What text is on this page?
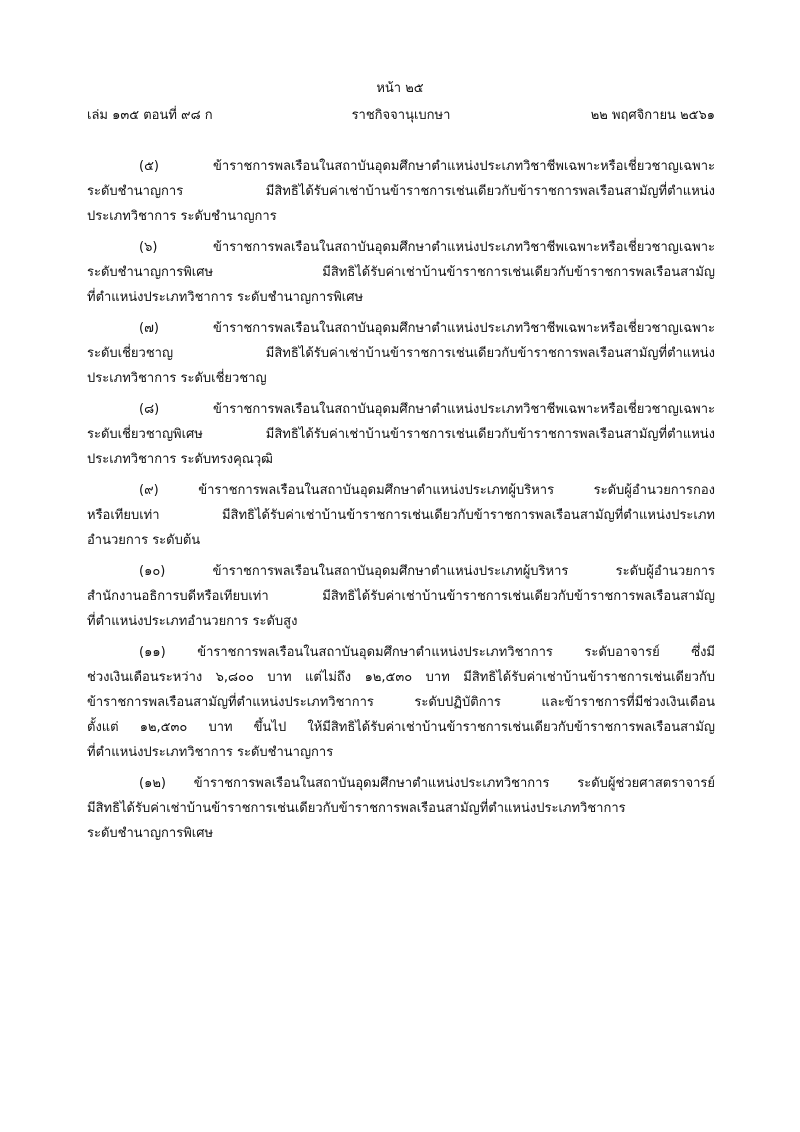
หน้า ๒๕
เล่ม ๑๓๕ ตอนที่ ๙๘ ก	ราชกิจจานุเบกษา	๒๒ พฤศจิกายน ๒๕๖๑

(๕) ข้าราชการพลเรือนในสถาบันอุดมศึกษาตำแหน่งประเภทวิชาชีพเฉพาะหรือเชี่ยวชาญเฉพาะ
ระดับชำนาญการ มีสิทธิได้รับค่าเช่าบ้านข้าราชการเช่นเดียวกับข้าราชการพลเรือนสามัญที่ตำแหน่ง
ประเภทวิชาการ ระดับชำนาญการ

(๖) ข้าราชการพลเรือนในสถาบันอุดมศึกษาตำแหน่งประเภทวิชาชีพเฉพาะหรือเชี่ยวชาญเฉพาะ
ระดับชำนาญการพิเศษ มีสิทธิได้รับค่าเช่าบ้านข้าราชการเช่นเดียวกับข้าราชการพลเรือนสามัญ
ที่ตำแหน่งประเภทวิชาการ ระดับชำนาญการพิเศษ

(๗) ข้าราชการพลเรือนในสถาบันอุดมศึกษาตำแหน่งประเภทวิชาชีพเฉพาะหรือเชี่ยวชาญเฉพาะ
ระดับเชี่ยวชาญ มีสิทธิได้รับค่าเช่าบ้านข้าราชการเช่นเดียวกับข้าราชการพลเรือนสามัญที่ตำแหน่ง
ประเภทวิชาการ ระดับเชี่ยวชาญ

(๘) ข้าราชการพลเรือนในสถาบันอุดมศึกษาตำแหน่งประเภทวิชาชีพเฉพาะหรือเชี่ยวชาญเฉพาะ
ระดับเชี่ยวชาญพิเศษ มีสิทธิได้รับค่าเช่าบ้านข้าราชการเช่นเดียวกับข้าราชการพลเรือนสามัญที่ตำแหน่ง
ประเภทวิชาการ ระดับทรงคุณวุฒิ

(๙) ข้าราชการพลเรือนในสถาบันอุดมศึกษาตำแหน่งประเภทผู้บริหาร ระดับผู้อำนวยการกอง
หรือเทียบเท่า มีสิทธิได้รับค่าเช่าบ้านข้าราชการเช่นเดียวกับข้าราชการพลเรือนสามัญที่ตำแหน่งประเภท
อำนวยการ ระดับต้น

(๑๐) ข้าราชการพลเรือนในสถาบันอุดมศึกษาตำแหน่งประเภทผู้บริหาร ระดับผู้อำนวยการ
สำนักงานอธิการบดีหรือเทียบเท่า มีสิทธิได้รับค่าเช่าบ้านข้าราชการเช่นเดียวกับข้าราชการพลเรือนสามัญ
ที่ตำแหน่งประเภทอำนวยการ ระดับสูง

(๑๑) ข้าราชการพลเรือนในสถาบันอุดมศึกษาตำแหน่งประเภทวิชาการ ระดับอาจารย์ ซึ่งมี
ช่วงเงินเดือนระหว่าง ๖,๘๐๐ บาท แต่ไม่ถึง ๑๒,๕๓๐ บาท มีสิทธิได้รับค่าเช่าบ้านข้าราชการเช่นเดียวกับ
ข้าราชการพลเรือนสามัญที่ตำแหน่งประเภทวิชาการ ระดับปฏิบัติการ และข้าราชการที่มีช่วงเงินเดือน
ตั้งแต่ ๑๒,๕๓๐ บาท ขึ้นไป ให้มีสิทธิได้รับค่าเช่าบ้านข้าราชการเช่นเดียวกับข้าราชการพลเรือนสามัญ
ที่ตำแหน่งประเภทวิชาการ ระดับชำนาญการ

(๑๒) ข้าราชการพลเรือนในสถาบันอุดมศึกษาตำแหน่งประเภทวิชาการ ระดับผู้ช่วยศาสตราจารย์
มีสิทธิได้รับค่าเช่าบ้านข้าราชการเช่นเดียวกับข้าราชการพลเรือนสามัญที่ตำแหน่งประเภทวิชาการ
ระดับชำนาญการพิเศษ
